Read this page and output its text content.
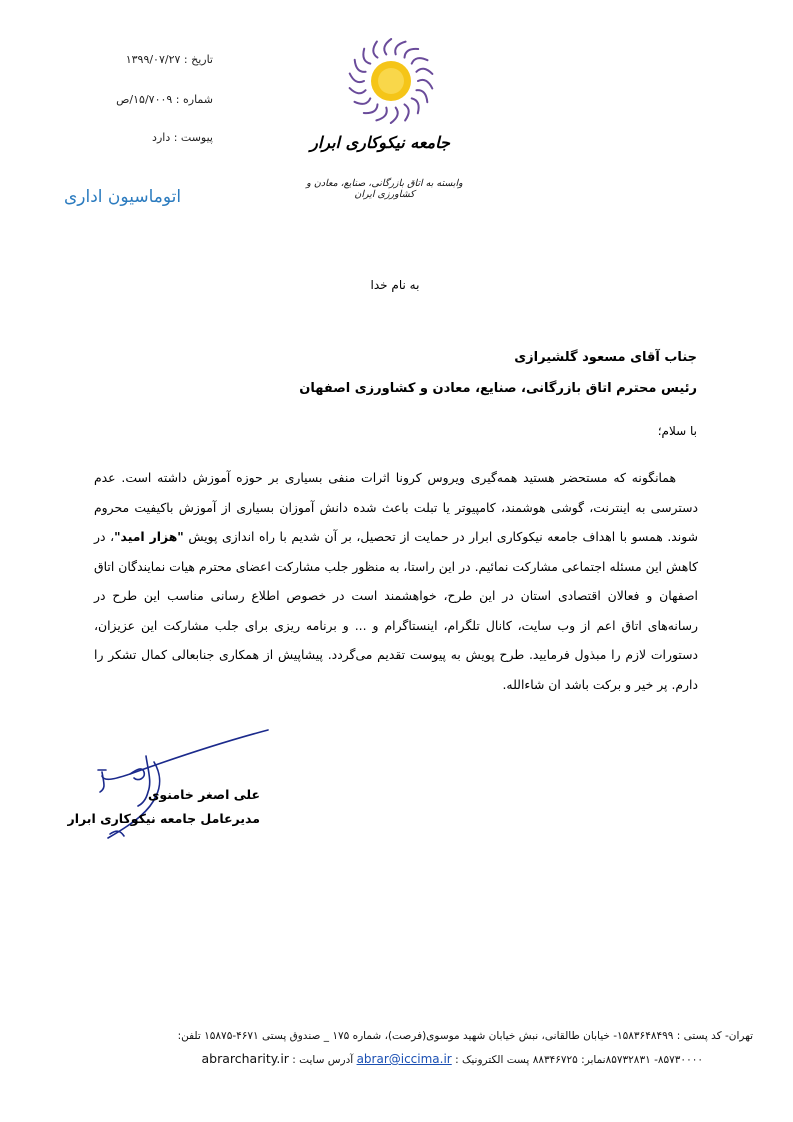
تاریخ : ۱۳۹۹/۰۷/۲۷
شماره : ۱۵/۷۰۰۹/ص
پیوست : دارد
اتوماسیون اداری
جامعه نیکوکاری ابرار
وابسته به اتاق بازرگانی، صنایع، معادن و کشاورزی ایران
به نام خدا
جناب آقای مسعود گلشیرازی
رئیس محترم اتاق بازرگانی، صنایع، معادن و کشاورزی اصفهان
با سلام؛
همانگونه که مستحضر هستید همه‌گیری ویروس کرونا اثرات منفی بسیاری بر حوزه آموزش داشته است. عدم دسترسی به اینترنت، گوشی هوشمند، کامپیوتر یا تبلت باعث شده دانش آموزان بسیاری از آموزش باکیفیت محروم شوند. همسو با اهداف جامعه نیکوکاری ابرار در حمایت از تحصیل، بر آن شدیم با راه اندازی پویش "هزار امید"، در کاهش این مسئله اجتماعی مشارکت نمائیم. در این راستا، به منظور جلب مشارکت اعضای محترم هیات نمایندگان اتاق اصفهان و فعالان اقتصادی استان در این طرح، خواهشمند است در خصوص اطلاع رسانی مناسب این طرح در رسانه‌های اتاق اعم از وب سایت، کانال تلگرام، اینستاگرام و ... و برنامه ریزی برای جلب مشارکت این عزیزان، دستورات لازم را مبذول فرمایید. طرح پویش به پیوست تقدیم می‌گردد. پیشاپیش از همکاری جنابعالی کمال تشکر را دارم. پر خیر و برکت باشد ان شاءالله.
علی اصغر خامنوی
مدیرعامل جامعه نیکوکاری ابرار
تهران- کد پستی : ۱۵۸۳۶۴۸۴۹۹- خیابان طالقانی، نبش خیابان شهید موسوی(فرصت)، شماره ۱۷۵ _ صندوق پستی ۴۶۷۱-۱۵۸۷۵ تلفن:
۸۵۷۳۰۰۰۰- ۸۵۷۳۲۸۳۱نمابر: ۸۸۳۴۶۷۲۵ پست الکترونیک : abrar@iccima.ir آدرس سایت : abrarcharity.ir
